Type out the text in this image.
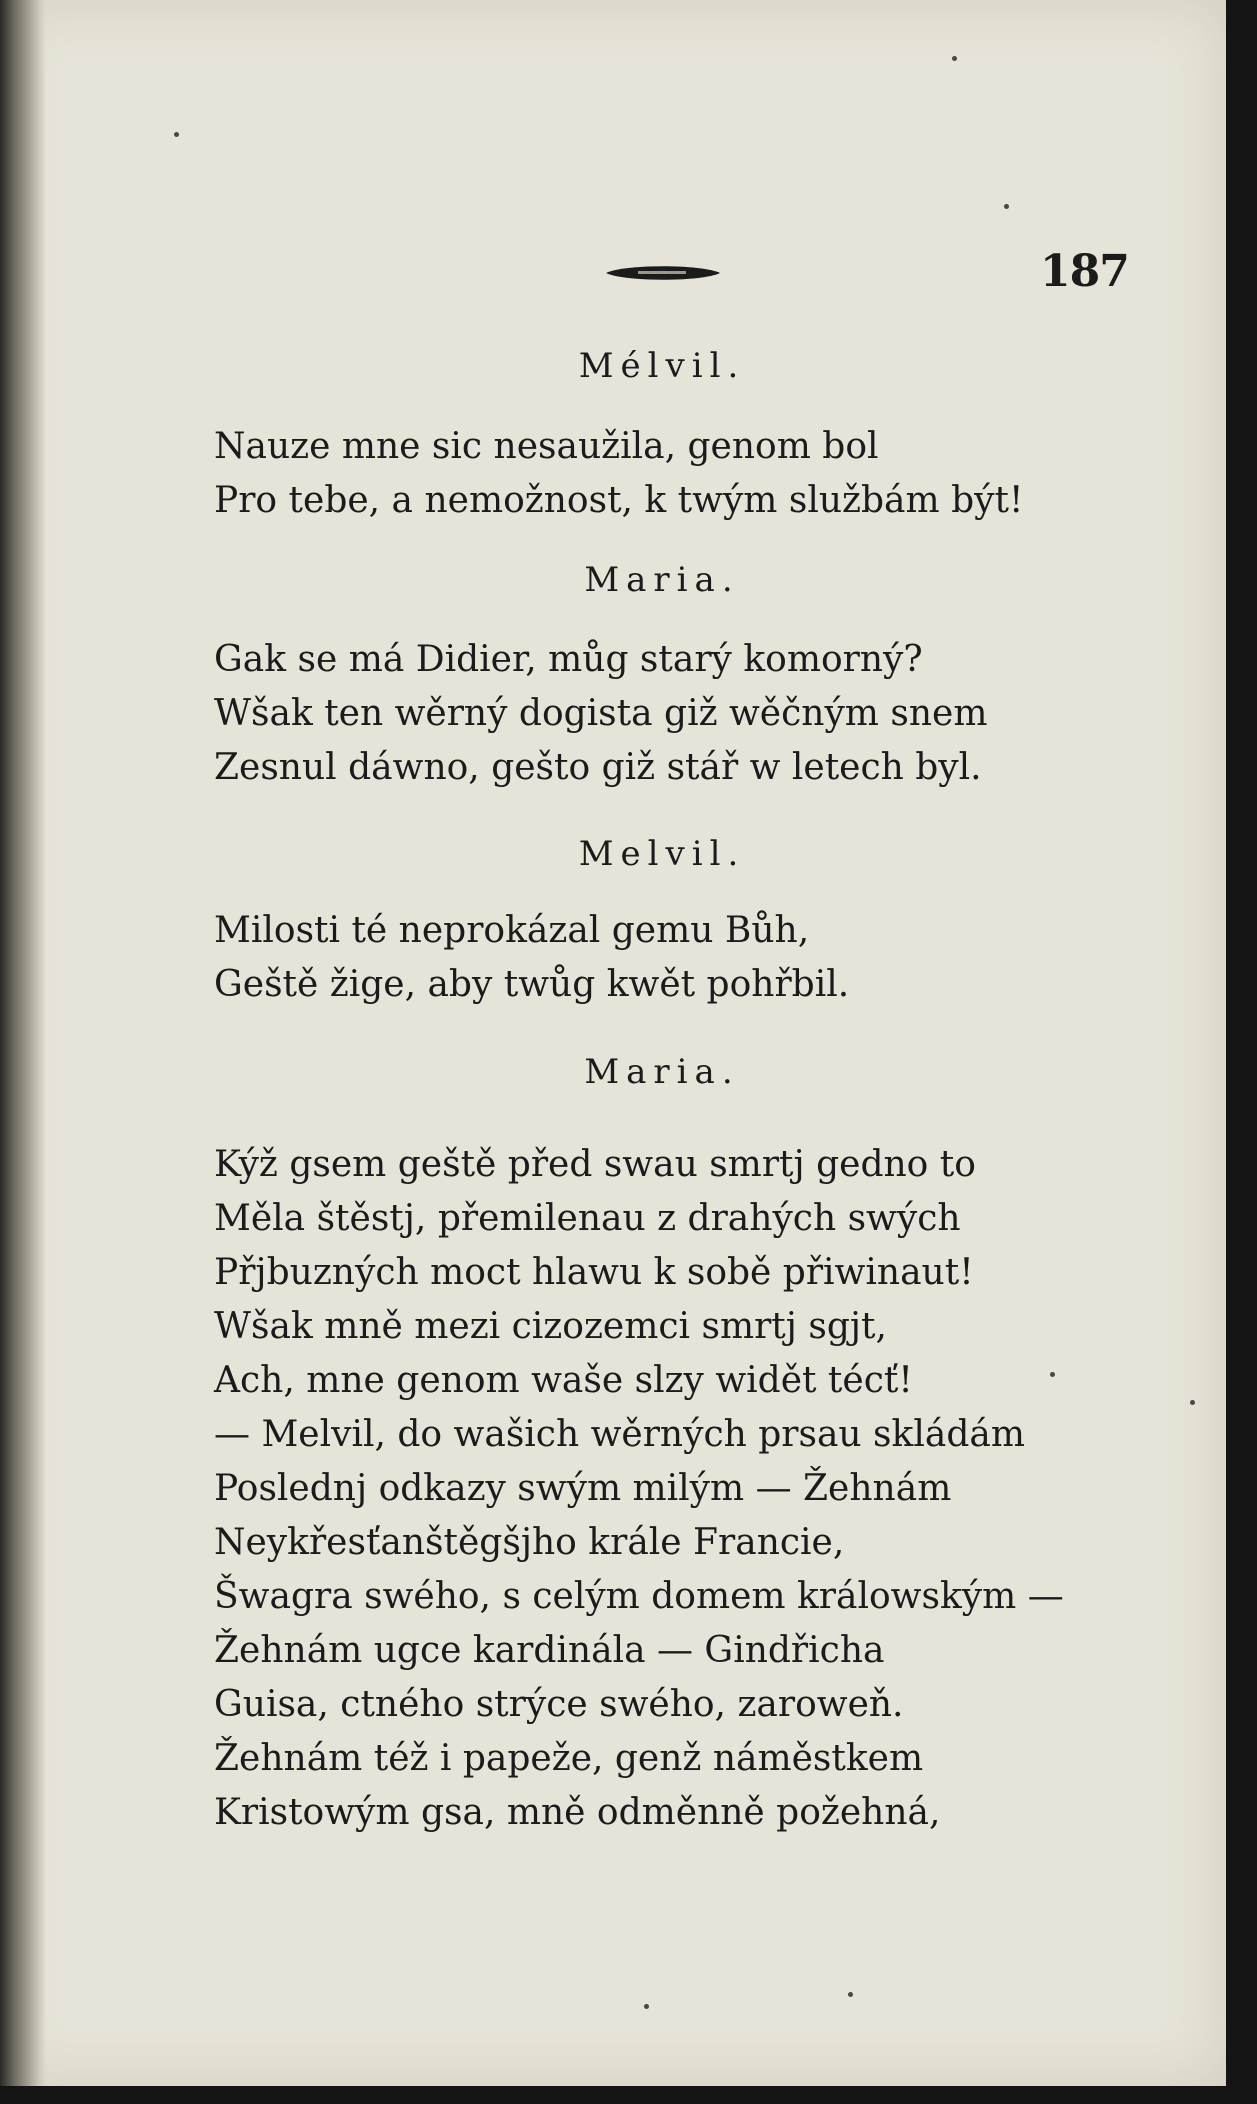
187
Mélvil.
Nauze mne sic nesaužila, genom bol
Pro tebe, a nemožnost, k twým službám být!
Maria.
Gak se má Didier, můg starý komorný?
Wšak ten wěrný dogista giž wěčným snem
Zesnul dáwno, gešto giž stář w letech byl.
Melvil.
Milosti té neprokázal gemu Bůh,
Geště žige, aby twůg kwět pohřbil.
Maria.
Kýž gsem geště před swau smrtj gedno to
Měla štěstj, přemilenau z drahých swých
Přjbuzných moct hlawu k sobě přiwinaut!
Wšak mně mezi cizozemci smrtj sgjt,
Ach, mne genom waše slzy widět técť!
— Melvil, do wašich wěrných prsau skládám
Poslednj odkazy swým milým — Žehnám
Neykřesťanštěgšjho krále Francie,
Šwagra swého, s celým domem králowským —
Žehnám ugce kardinála — Gindřicha
Guisa, ctného strýce swého, zaroweň.
Žehnám též i papeže, genž náměstkem
Kristowým gsa, mně odměnně požehná,
